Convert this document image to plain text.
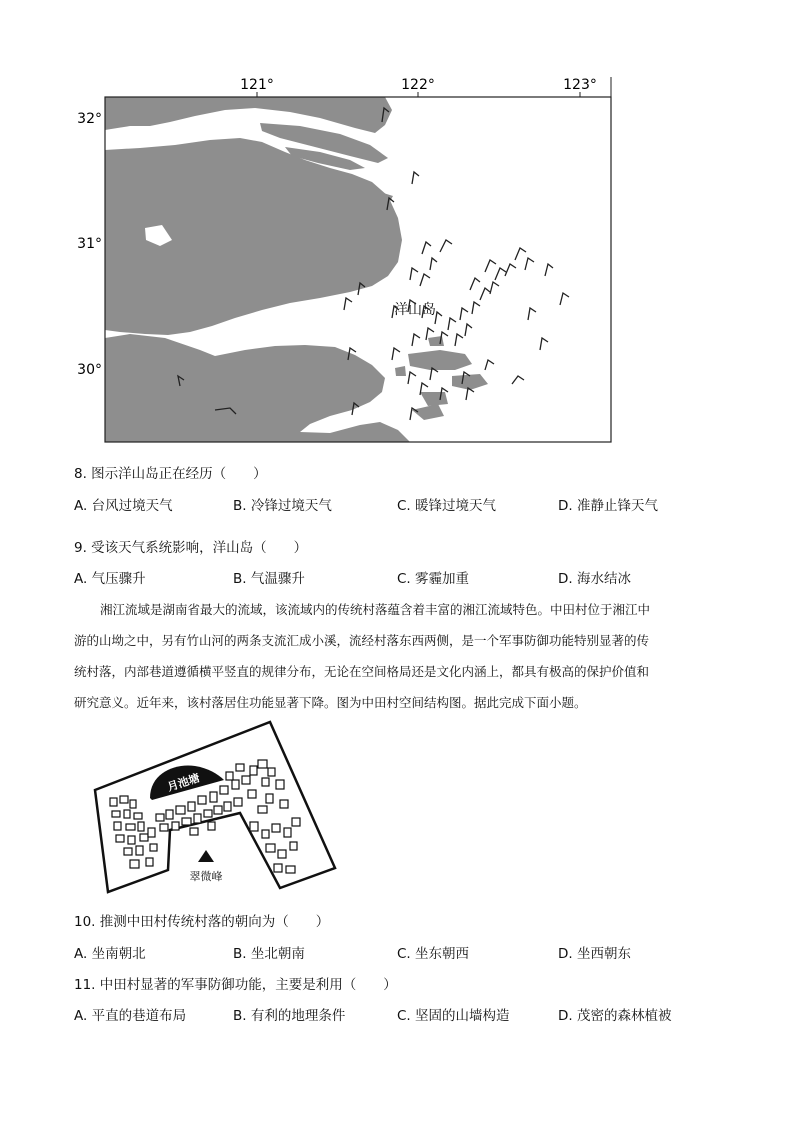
121°	122°	123°
32°
31°
30°
洋山岛
8. 图示洋山岛正在经历（　　）
A. 台风过境天气	B. 冷锋过境天气	C. 暖锋过境天气	D. 准静止锋天气
9. 受该天气系统影响，洋山岛（　　）
A. 气压骤升	B. 气温骤升	C. 雾霾加重	D. 海水结冰
湘江流域是湖南省最大的流域，该流域内的传统村落蕴含着丰富的湘江流域特色。中田村位于湘江中
游的山坳之中，另有竹山河的两条支流汇成小溪，流经村落东西两侧，是一个军事防御功能特别显著的传
统村落，内部巷道遵循横平竖直的规律分布，无论在空间格局还是文化内涵上，都具有极高的保护价值和
研究意义。近年来，该村落居住功能显著下降。图为中田村空间结构图。据此完成下面小题。
月池塘
翠微峰
10. 推测中田村传统村落的朝向为（　　）
A. 坐南朝北	B. 坐北朝南	C. 坐东朝西	D. 坐西朝东
11. 中田村显著的军事防御功能，主要是利用（　　）
A. 平直的巷道布局	B. 有利的地理条件	C. 坚固的山墙构造	D. 茂密的森林植被
